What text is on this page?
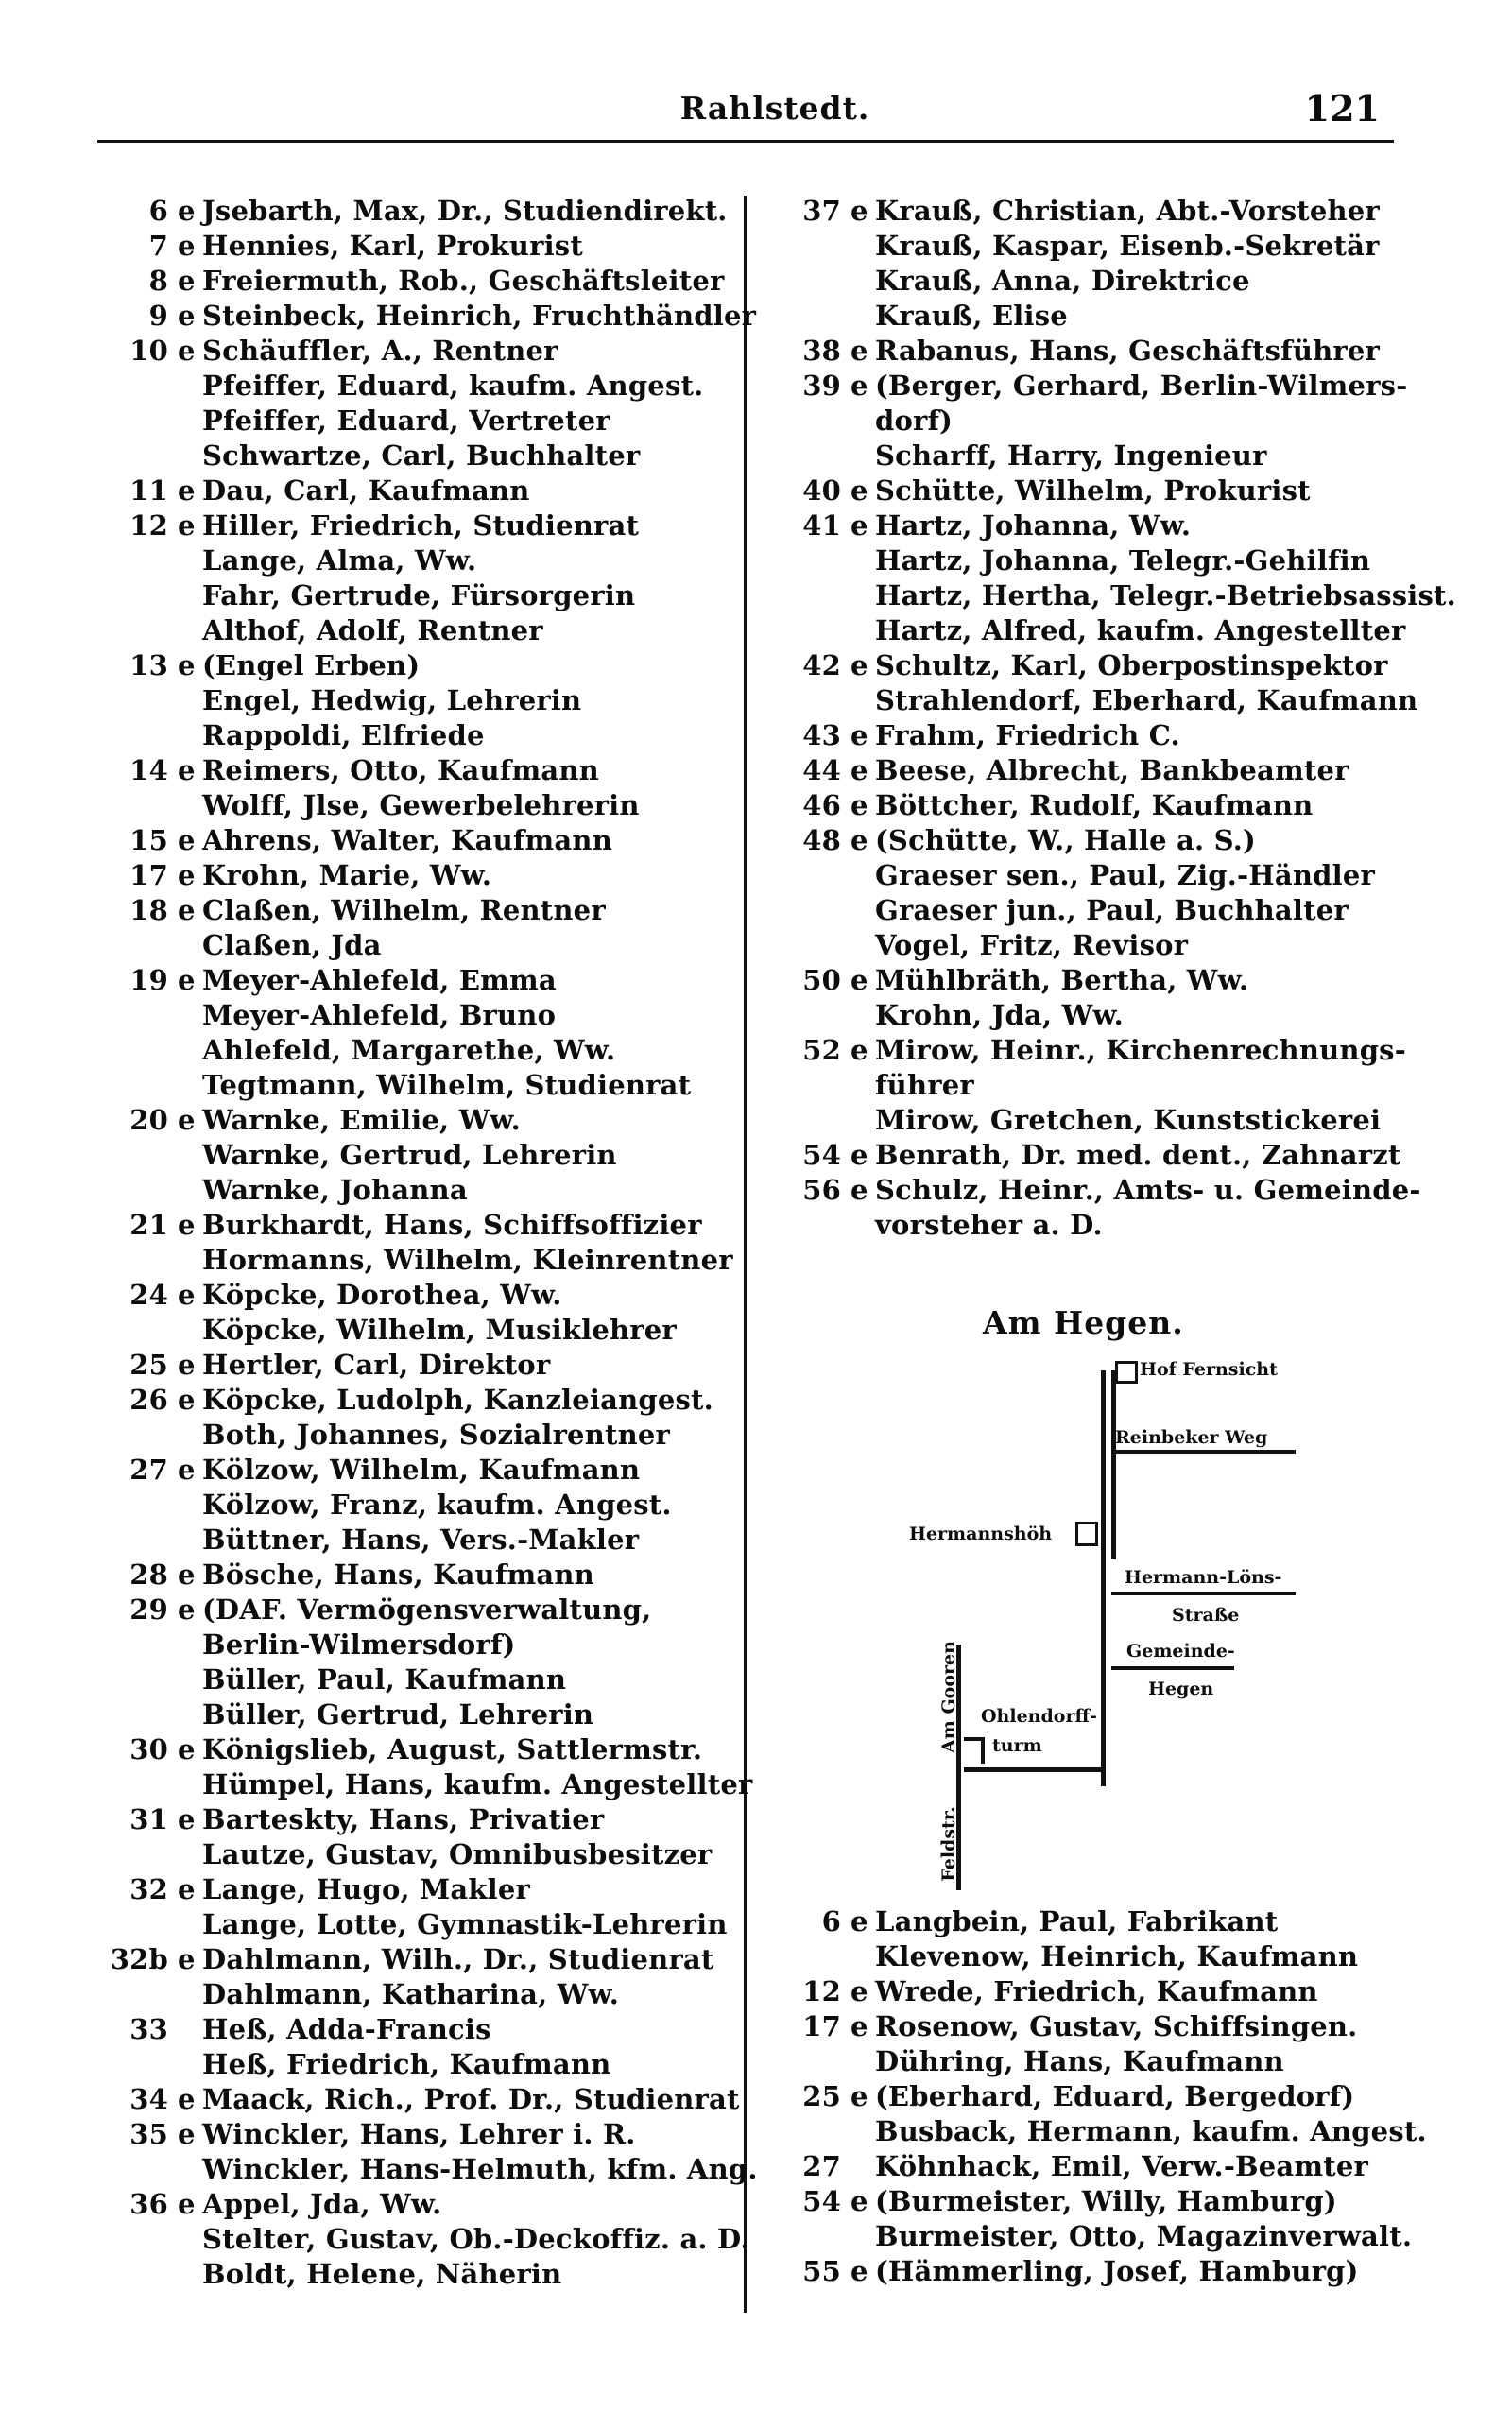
Rahlstedt.	121
6 e Jsebarth, Max, Dr., Studiendirekt.
7 e Hennies, Karl, Prokurist
8 e Freiermuth, Rob., Geschäftsleiter
9 e Steinbeck, Heinrich, Fruchthändler
10 e Schäuffler, A., Rentner
Pfeiffer, Eduard, kaufm. Angest.
Pfeiffer, Eduard, Vertreter
Schwartze, Carl, Buchhalter
11 e Dau, Carl, Kaufmann
12 e Hiller, Friedrich, Studienrat
Lange, Alma, Ww.
Fahr, Gertrude, Fürsorgerin
Althof, Adolf, Rentner
13 e (Engel Erben)
Engel, Hedwig, Lehrerin
Rappoldi, Elfriede
14 e Reimers, Otto, Kaufmann
Wolff, Jlse, Gewerbelehrerin
15 e Ahrens, Walter, Kaufmann
17 e Krohn, Marie, Ww.
18 e Claßen, Wilhelm, Rentner
Claßen, Jda
19 e Meyer-Ahlefeld, Emma
Meyer-Ahlefeld, Bruno
Ahlefeld, Margarethe, Ww.
Tegtmann, Wilhelm, Studienrat
20 e Warnke, Emilie, Ww.
Warnke, Gertrud, Lehrerin
Warnke, Johanna
21 e Burkhardt, Hans, Schiffsoffizier
Hormanns, Wilhelm, Kleinrentner
24 e Köpcke, Dorothea, Ww.
Köpcke, Wilhelm, Musiklehrer
25 e Hertler, Carl, Direktor
26 e Köpcke, Ludolph, Kanzleiangest.
Both, Johannes, Sozialrentner
27 e Kölzow, Wilhelm, Kaufmann
Kölzow, Franz, kaufm. Angest.
Büttner, Hans, Vers.-Makler
28 e Bösche, Hans, Kaufmann
29 e (DAF. Vermögensverwaltung,
Berlin-Wilmersdorf)
Büller, Paul, Kaufmann
Büller, Gertrud, Lehrerin
30 e Königslieb, August, Sattlermstr.
Hümpel, Hans, kaufm. Angestellter
31 e Barteskty, Hans, Privatier
Lautze, Gustav, Omnibusbesitzer
32 e Lange, Hugo, Makler
Lange, Lotte, Gymnastik-Lehrerin
32b e Dahlmann, Wilh., Dr., Studienrat
Dahlmann, Katharina, Ww.
33 Heß, Adda-Francis
Heß, Friedrich, Kaufmann
34 e Maack, Rich., Prof. Dr., Studienrat
35 e Winckler, Hans, Lehrer i. R.
Winckler, Hans-Helmuth, kfm. Ang.
36 e Appel, Jda, Ww.
Stelter, Gustav, Ob.-Deckoffiz. a. D.
Boldt, Helene, Näherin
37 e Krauß, Christian, Abt.-Vorsteher
Krauß, Kaspar, Eisenb.-Sekretär
Krauß, Anna, Direktrice
Krauß, Elise
38 e Rabanus, Hans, Geschäftsführer
39 e (Berger, Gerhard, Berlin-Wilmers-
dorf)
Scharff, Harry, Ingenieur
40 e Schütte, Wilhelm, Prokurist
41 e Hartz, Johanna, Ww.
Hartz, Johanna, Telegr.-Gehilfin
Hartz, Hertha, Telegr.-Betriebsassist.
Hartz, Alfred, kaufm. Angestellter
42 e Schultz, Karl, Oberpostinspektor
Strahlendorf, Eberhard, Kaufmann
43 e Frahm, Friedrich C.
44 e Beese, Albrecht, Bankbeamter
46 e Böttcher, Rudolf, Kaufmann
48 e (Schütte, W., Halle a. S.)
Graeser sen., Paul, Zig.-Händler
Graeser jun., Paul, Buchhalter
Vogel, Fritz, Revisor
50 e Mühlbräth, Bertha, Ww.
Krohn, Jda, Ww.
52 e Mirow, Heinr., Kirchenrechnungs-
führer
Mirow, Gretchen, Kunststickerei
54 e Benrath, Dr. med. dent., Zahnarzt
56 e Schulz, Heinr., Amts- u. Gemeinde-
vorsteher a. D.
Am Hegen.
Hof Fernsicht
Reinbeker Weg
Hermannshöh
Hermann-Löns-
Straße
Gemeinde-
Hegen
Am Gooren
Feldstr.
Ohlendorff-
turm
6 e Langbein, Paul, Fabrikant
Klevenow, Heinrich, Kaufmann
12 e Wrede, Friedrich, Kaufmann
17 e Rosenow, Gustav, Schiffsingen.
Dühring, Hans, Kaufmann
25 e (Eberhard, Eduard, Bergedorf)
Busback, Hermann, kaufm. Angest.
27 Köhnhack, Emil, Verw.-Beamter
54 e (Burmeister, Willy, Hamburg)
Burmeister, Otto, Magazinverwalt.
55 e (Hämmerling, Josef, Hamburg)
